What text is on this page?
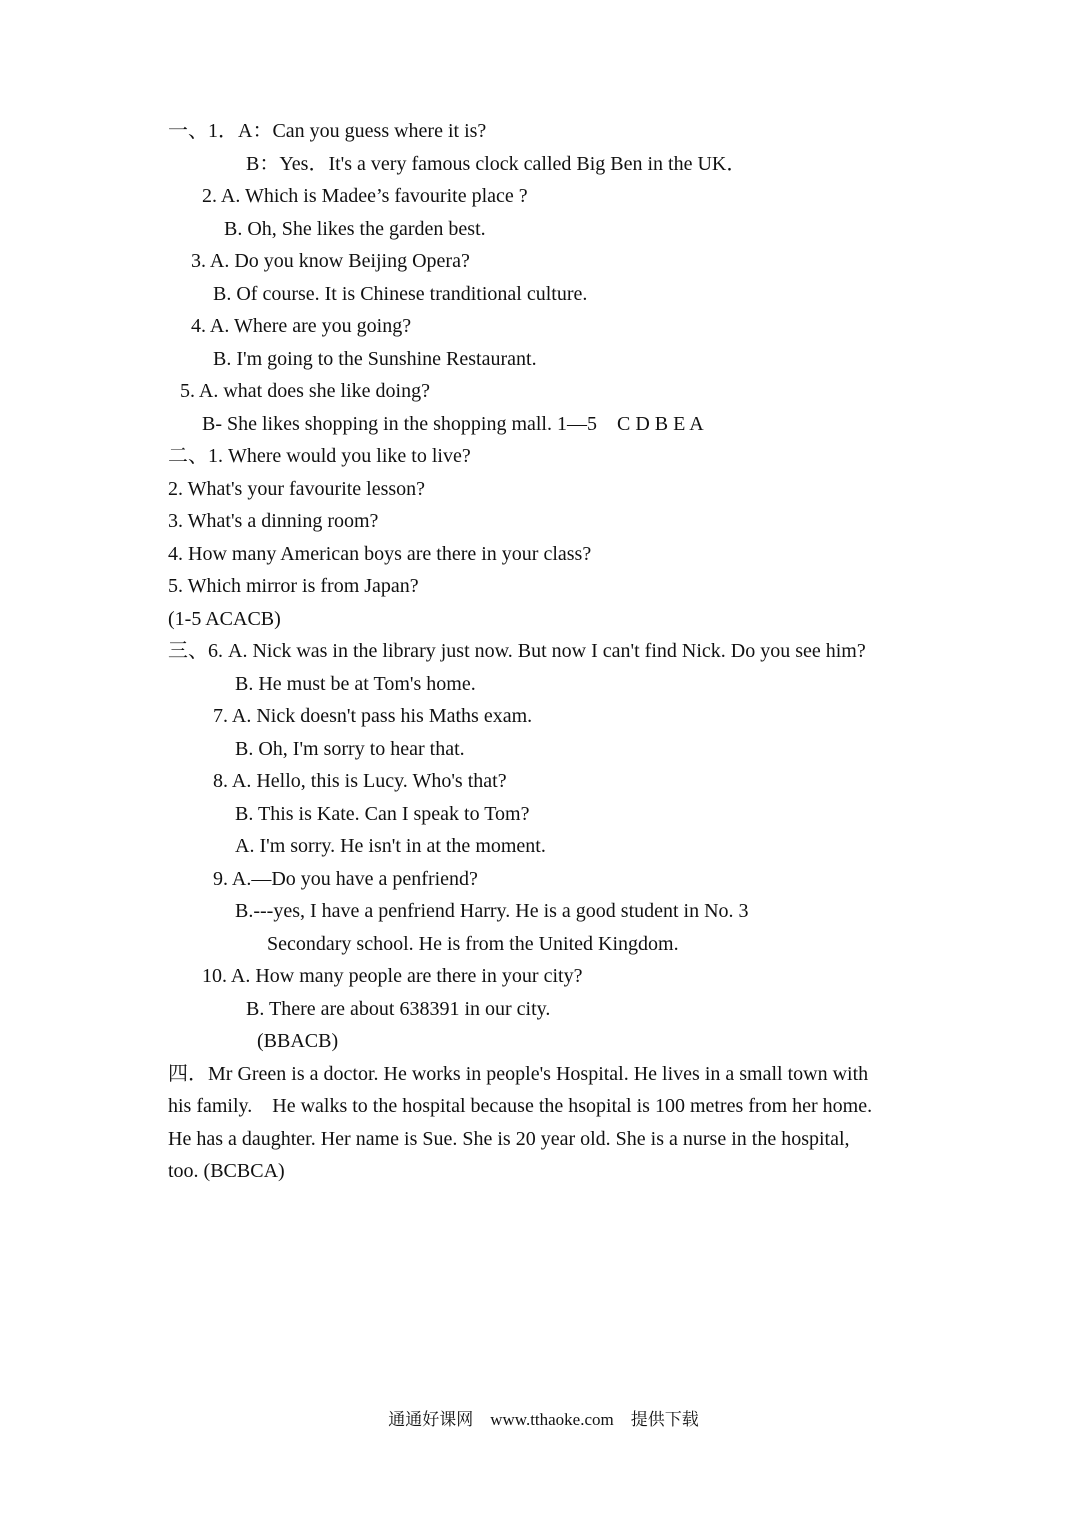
一、1．A：Can you guess where it is?
B：Yes．It's a very famous clock called Big Ben in the UK．
2. A. Which is Madee’s favourite place ?
B. Oh, She likes the garden best.
3. A. Do you know Beijing Opera?
B. Of course. It is Chinese tranditional culture.
4. A. Where are you going?
B. I'm going to the Sunshine Restaurant.
5. A. what does she like doing?
B- She likes shopping in the shopping mall. 1—5　C D B E A
二、1. Where would you like to live?
2. What's your favourite lesson?
3. What's a dinning room?
4. How many American boys are there in your class?
5. Which mirror is from Japan?
(1-5 ACACB)
三、6. A. Nick was in the library just now. But now I can't find Nick. Do you see him?
B. He must be at Tom's home.
7. A. Nick doesn't pass his Maths exam.
B. Oh, I'm sorry to hear that.
8. A. Hello, this is Lucy. Who's that?
B. This is Kate. Can I speak to Tom?
A. I'm sorry. He isn't in at the moment.
9. A.—Do you have a penfriend?
B.---yes, I have a penfriend Harry. He is a good student in No. 3
Secondary school. He is from the United Kingdom.
10. A. How many people are there in your city?
B. There are about 638391 in our city.
(BBACB)
四．Mr Green is a doctor. He works in people's Hospital. He lives in a small town with
his family.　He walks to the hospital because the hsopital is 100 metres from her home.
He has a daughter. Her name is Sue. She is 20 year old. She is a nurse in the hospital,
too. (BCBCA)
通通好课网　www.tthaoke.com　提供下载
